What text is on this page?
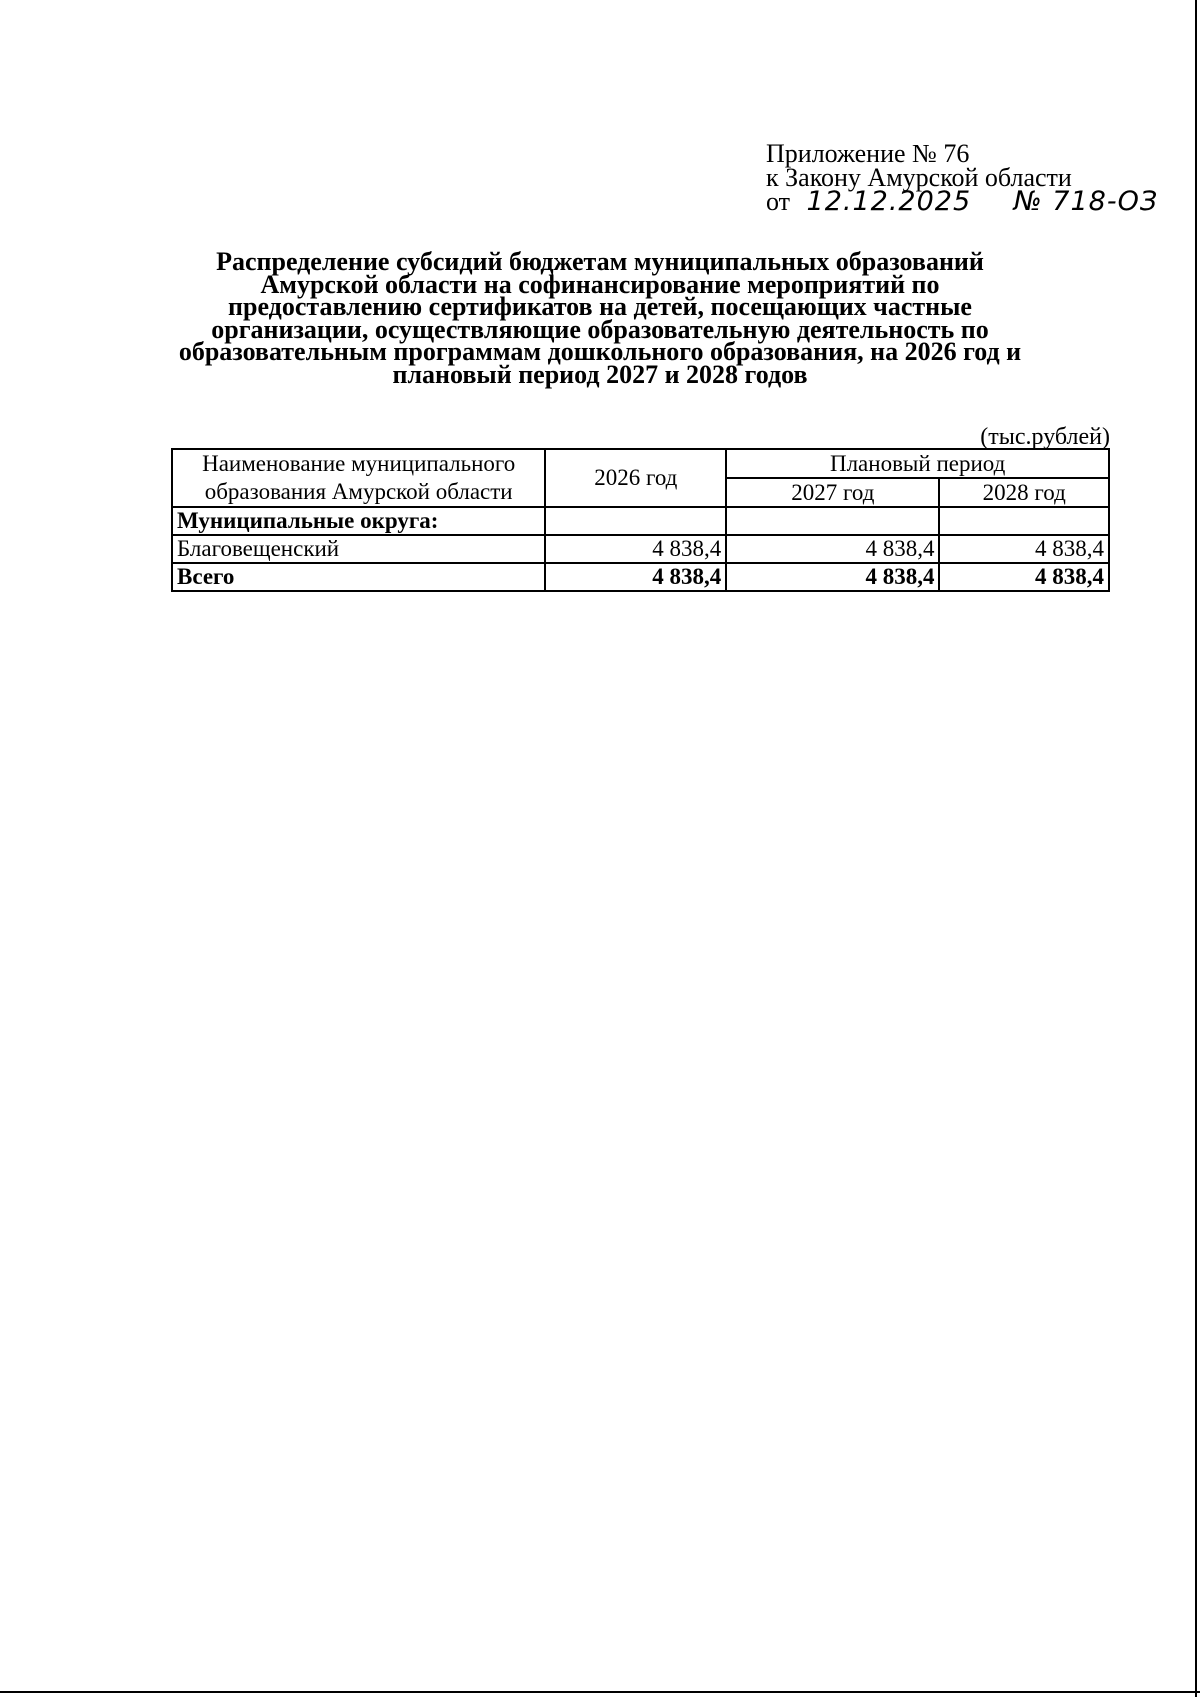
Приложение № 76
к Закону Амурской области
от 12.12.2025 № 718-ОЗ
Распределение субсидий бюджетам муниципальных образований
Амурской области на софинансирование мероприятий по
предоставлению сертификатов на детей, посещающих частные
организации, осуществляющие образовательную деятельность по
образовательным программам дошкольного образования, на 2026 год и
плановый период 2027 и 2028 годов
(тыс.рублей)
Наименование муниципального
образования Амурской области	2026 год	Плановый период	
		2027 год	2028 год
Муниципальные округа:			
Благовещенский	4 838,4	4 838,4	4 838,4
Всего	4 838,4	4 838,4	4 838,4
